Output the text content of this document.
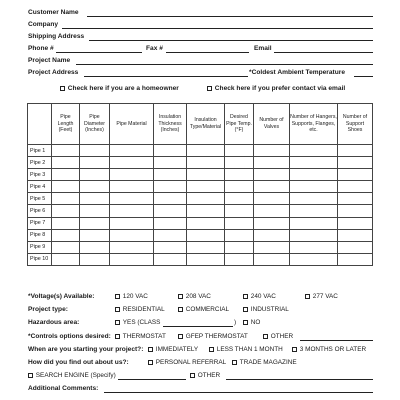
Customer Name
Company
Shipping Address
Phone #	Fax #	Email
Project Name
Project Address	*Coldest Ambient Temperature
Check here if you are a homeowner	Check here if you prefer contact via email
	Pipe Length (Feet)	Pipe Diameter (Inches)	Pipe Material	Insulation Thickness (Inches)	Insulation Type/Material	Desired Pipe Temp. (°F)	Number of Valves	Number of Hangers, Supports, Flanges, etc.	Number of Support Shoes
Pipe 1									
Pipe 2									
Pipe 3									
Pipe 4									
Pipe 5									
Pipe 6									
Pipe 7									
Pipe 8									
Pipe 9									
Pipe 10									
*Voltage(s) Available:	120 VAC	208 VAC	240 VAC	277 VAC
Project type:	RESIDENTIAL	COMMERCIAL	INDUSTRIAL
Hazardous area:	YES (CLASS	)	NO
*Controls options desired:	THERMOSTAT	GFEP THERMOSTAT	OTHER
When are you starting your project?:	IMMEDIATELY	LESS THAN 1 MONTH	3 MONTHS OR LATER
How did you find out about us?:	PERSONAL REFERRAL	TRADE MAGAZINE
SEARCH ENGINE (Specify)	OTHER
Additional Comments:
